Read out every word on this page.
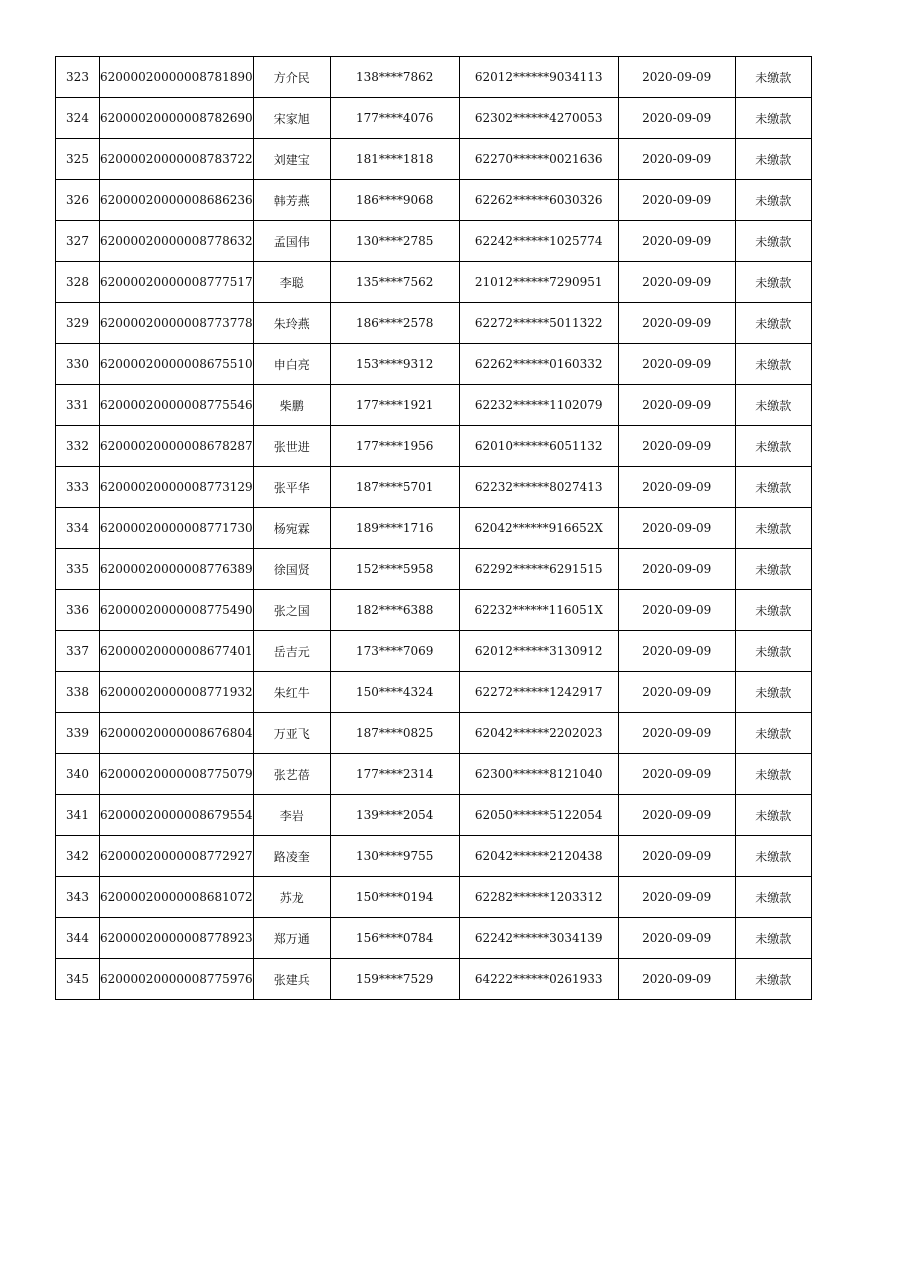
323	62000020000008781890	方介民	138****7862	62012******9034113	2020-09-09	未缴款
324	62000020000008782690	宋家旭	177****4076	62302******4270053	2020-09-09	未缴款
325	62000020000008783722	刘建宝	181****1818	62270******0021636	2020-09-09	未缴款
326	62000020000008686236	韩芳燕	186****9068	62262******6030326	2020-09-09	未缴款
327	62000020000008778632	孟国伟	130****2785	62242******1025774	2020-09-09	未缴款
328	62000020000008777517	李聪	135****7562	21012******7290951	2020-09-09	未缴款
329	62000020000008773778	朱玲燕	186****2578	62272******5011322	2020-09-09	未缴款
330	62000020000008675510	申白亮	153****9312	62262******0160332	2020-09-09	未缴款
331	62000020000008775546	柴鹏	177****1921	62232******1102079	2020-09-09	未缴款
332	62000020000008678287	张世进	177****1956	62010******6051132	2020-09-09	未缴款
333	62000020000008773129	张平华	187****5701	62232******8027413	2020-09-09	未缴款
334	62000020000008771730	杨宛霖	189****1716	62042******916652X	2020-09-09	未缴款
335	62000020000008776389	徐国贤	152****5958	62292******6291515	2020-09-09	未缴款
336	62000020000008775490	张之国	182****6388	62232******116051X	2020-09-09	未缴款
337	62000020000008677401	岳吉元	173****7069	62012******3130912	2020-09-09	未缴款
338	62000020000008771932	朱红牛	150****4324	62272******1242917	2020-09-09	未缴款
339	62000020000008676804	万亚飞	187****0825	62042******2202023	2020-09-09	未缴款
340	62000020000008775079	张艺蓓	177****2314	62300******8121040	2020-09-09	未缴款
341	62000020000008679554	李岩	139****2054	62050******5122054	2020-09-09	未缴款
342	62000020000008772927	路凌奎	130****9755	62042******2120438	2020-09-09	未缴款
343	62000020000008681072	苏龙	150****0194	62282******1203312	2020-09-09	未缴款
344	62000020000008778923	郑万通	156****0784	62242******3034139	2020-09-09	未缴款
345	62000020000008775976	张建兵	159****7529	64222******0261933	2020-09-09	未缴款
